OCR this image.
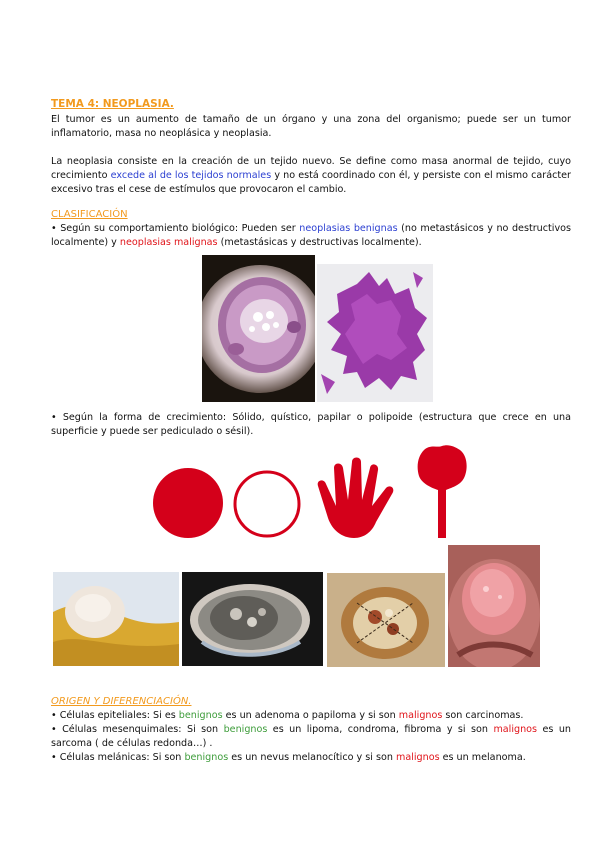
TEMA 4: NEOPLASIA.
El tumor es un aumento de tamaño de un órgano y una zona del organismo; puede ser un tumor inflamatorio, masa no neoplásica y neoplasia.
La neoplasia consiste en la creación de un tejido nuevo. Se define como masa anormal de tejido, cuyo crecimiento excede al de los tejidos normales y no está coordinado con él, y persiste con el mismo carácter excesivo tras el cese de estímulos que provocaron el cambio.
CLASIFICACIÓN
• Según su comportamiento biológico: Pueden ser neoplasias benignas (no metastásicos y no destructivos localmente) y neoplasias malignas (metastásicas y destructivas localmente).
• Según la forma de crecimiento: Sólido, quístico, papilar o polipoide (estructura que crece en una superficie y puede ser pediculado o sésil).
ORIGEN Y DIFERENCIACIÓN.
• Células epiteliales: Si es benignos es un adenoma o papiloma y si son malignos son carcinomas.
• Células mesenquimales: Si son benignos es un lipoma, condroma, fibroma y si son malignos es un sarcoma ( de células redonda…) .
• Células melánicas: Si son benignos es un nevus melanocítico y si son malignos es un melanoma.
